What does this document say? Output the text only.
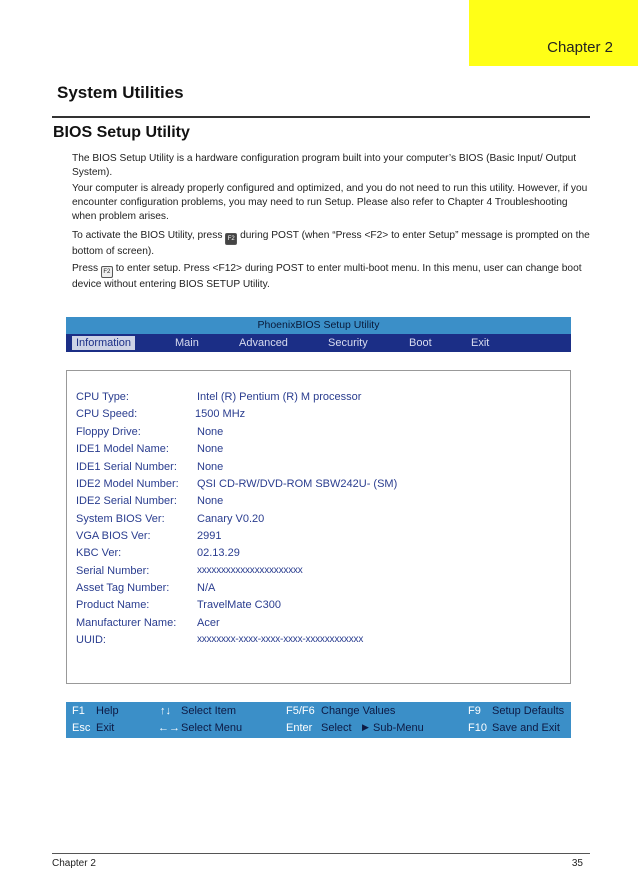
Chapter 2
System Utilities
BIOS Setup Utility
The BIOS Setup Utility is a hardware configuration program built into your computer’s BIOS (Basic Input/ Output System).
Your computer is already properly configured and optimized, and you do not need to run this utility. However, if you encounter configuration problems, you may need to run Setup. Please also refer to Chapter 4 Troubleshooting when problem arises.
To activate the BIOS Utility, press F2 during POST (when “Press <F2> to enter Setup” message is prompted on the bottom of screen).
Press F2 to enter setup. Press <F12> during POST to enter multi-boot menu. In this menu, user can change boot device without entering BIOS SETUP Utility.
PhoenixBIOS Setup Utility
Information	Main	Advanced	Security	Boot	Exit
CPU Type:	Intel (R) Pentium (R) M processor
CPU Speed:	1500 MHz
Floppy Drive:	None
IDE1 Model Name:	None
IDE1 Serial Number: None
IDE2 Model Number: QSI CD-RW/DVD-ROM SBW242U- (SM)
IDE2 Serial Number: None
System BIOS Ver:	Canary V0.20
VGA BIOS Ver:	2991
KBC Ver:	02.13.29
Serial Number:	xxxxxxxxxxxxxxxxxxxxxx
Asset Tag Number:	N/A
Product Name:	TravelMate C300
Manufacturer Name: Acer
UUID:	xxxxxxxx-xxxx-xxxx-xxxx-xxxxxxxxxxxx
F1 Help	↑↓ Select Item	F5/F6 Change Values	F9 Setup Defaults
Esc Exit	←→ Select Menu	Enter Select ▶ Sub-Menu	F10 Save and Exit
Chapter 2	35
